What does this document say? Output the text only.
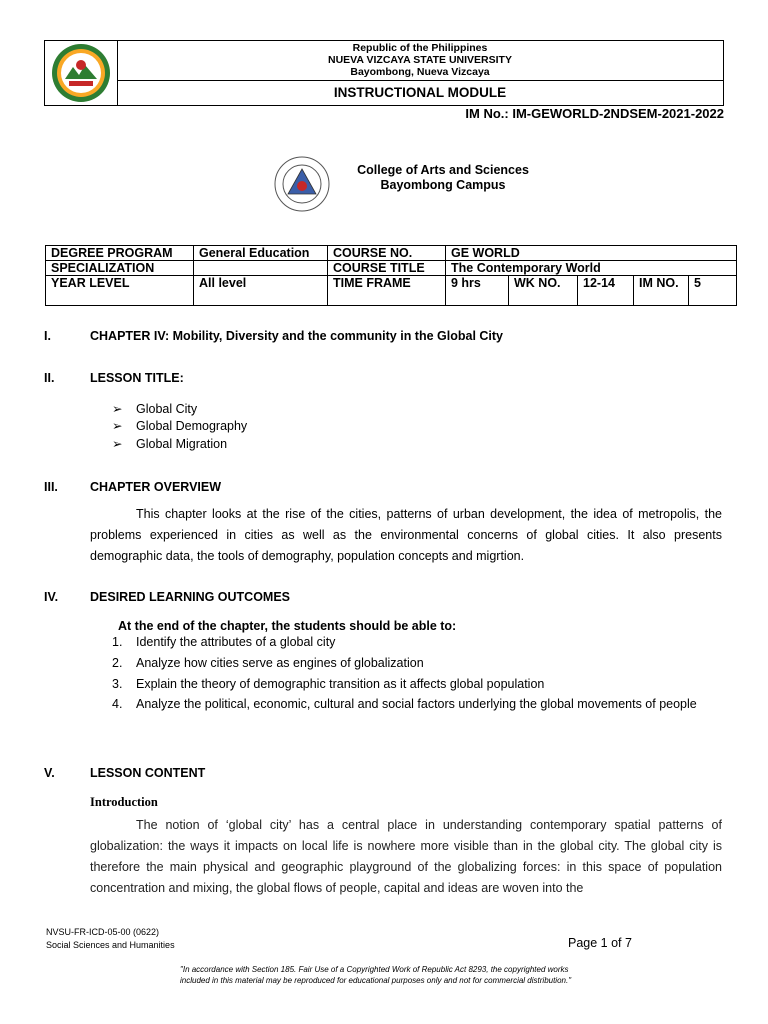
Republic of the Philippines
NUEVA VIZCAYA STATE UNIVERSITY
Bayombong, Nueva Vizcaya
INSTRUCTIONAL MODULE
IM No.: IM-GEWORLD-2NDSEM-2021-2022
College of Arts and Sciences
Bayombong Campus
DEGREE PROGRAM	General Education	COURSE NO.	GE WORLD				
SPECIALIZATION		COURSE TITLE	The Contemporary World				
YEAR LEVEL	All level	TIME FRAME	9 hrs	WK NO.	12-14	IM NO.	5
I.	CHAPTER IV: Mobility, Diversity and the community in the Global City
II.	LESSON TITLE:
➢ Global City
➢ Global Demography
➢ Global Migration
III.	CHAPTER OVERVIEW
This chapter looks at the rise of the cities, patterns of urban development, the idea of metropolis, the problems experienced in cities as well as the environmental concerns of global cities. It also presents demographic data, the tools of demography, population concepts and migrtion.
IV.	DESIRED LEARNING OUTCOMES
At the end of the chapter, the students should be able to:
1. Identify the attributes of a global city
2. Analyze how cities serve as engines of globalization
3. Explain the theory of demographic transition as it affects global population
4.	Analyze the political, economic, cultural and social factors underlying the global movements of people
V.	LESSON CONTENT
Introduction
The notion of ‘global city’ has a central place in understanding contemporary spatial patterns of globalization: the ways it impacts on local life is nowhere more visible than in the global city. The global city is therefore the main physical and geographic playground of the globalizing forces: in this space of population concentration and mixing, the global flows of people, capital and ideas are woven into the
NVSU-FR-ICD-05-00 (0622)
Social Sciences and Humanities	Page 1 of 7
"In accordance with Section 185. Fair Use of a Copyrighted Work of Republic Act 8293, the copyrighted works
included in this material may be reproduced for educational purposes only and not for commercial distribution."
